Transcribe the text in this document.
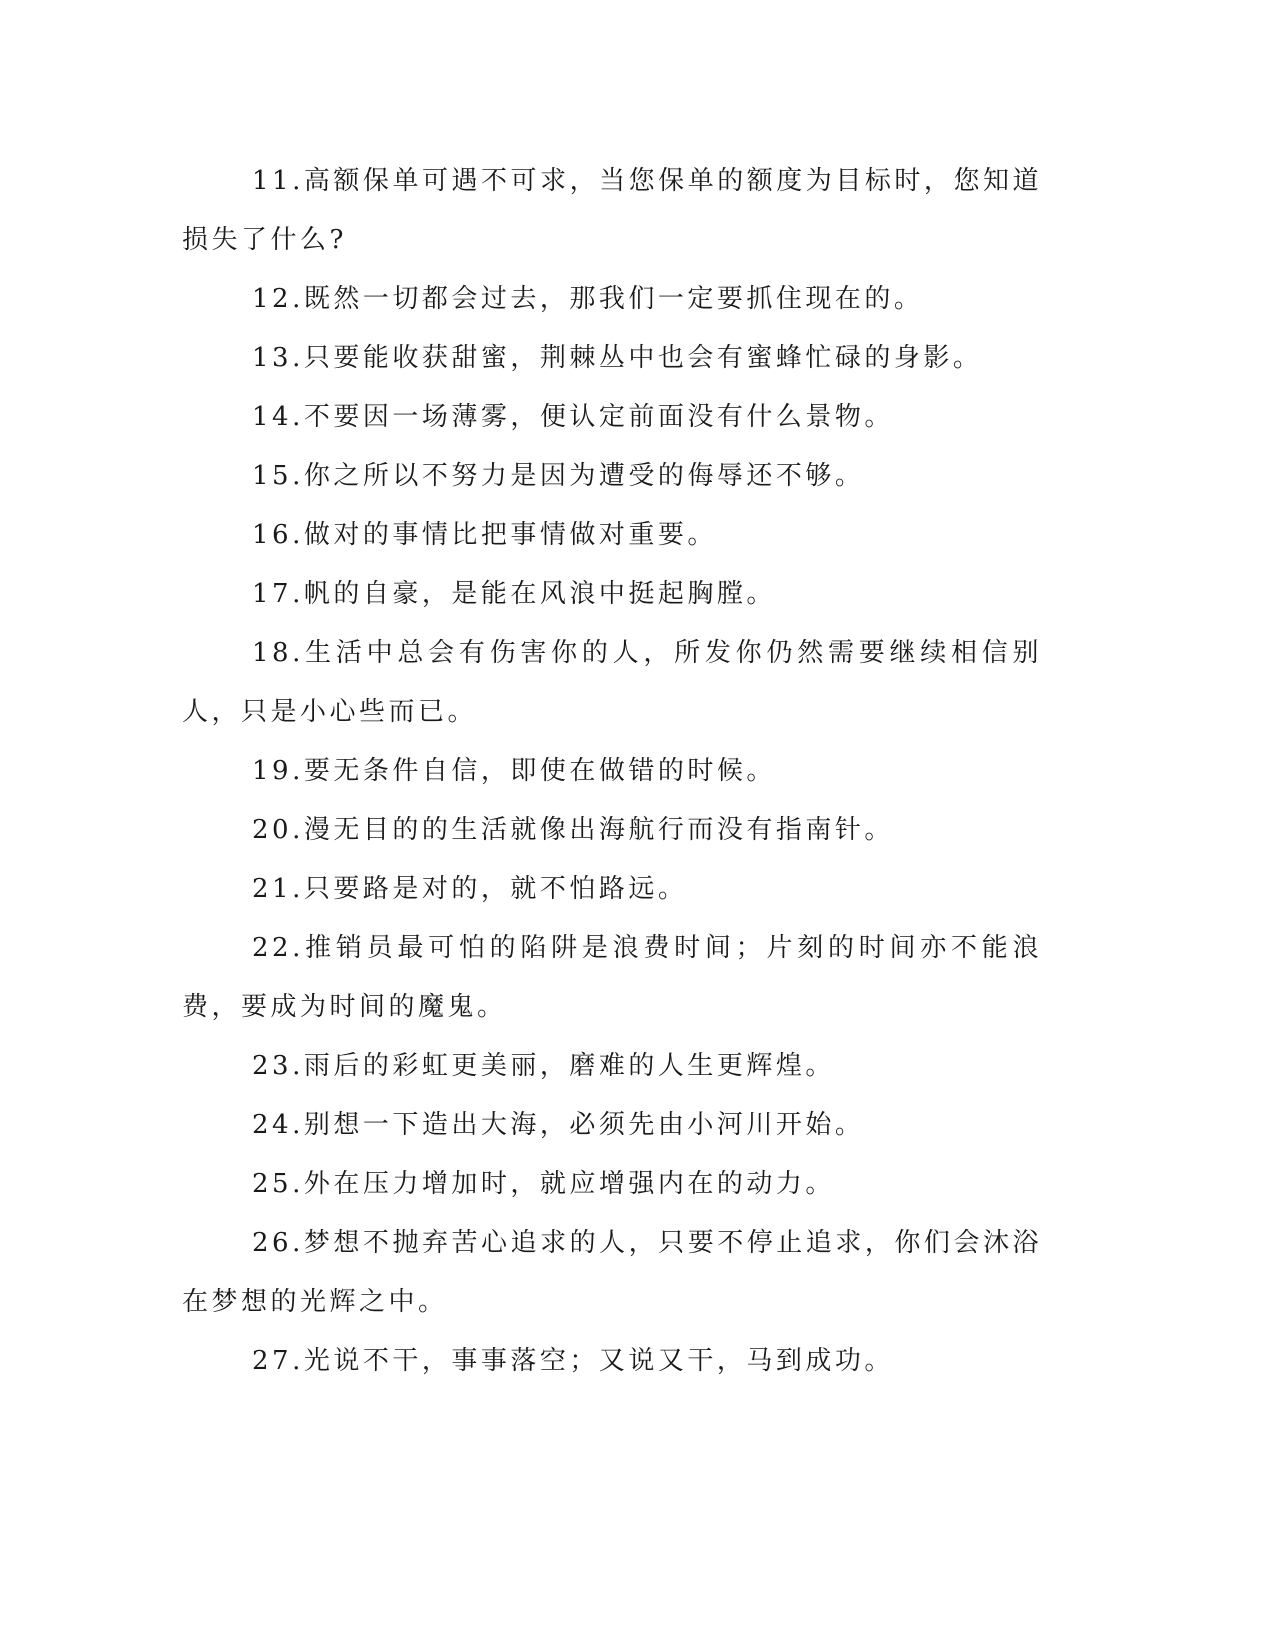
11.高额保单可遇不可求，当您保单的额度为目标时，您知道损失了什么?

12.既然一切都会过去，那我们一定要抓住现在的。

13.只要能收获甜蜜，荆棘丛中也会有蜜蜂忙碌的身影。

14.不要因一场薄雾，便认定前面没有什么景物。

15.你之所以不努力是因为遭受的侮辱还不够。

16.做对的事情比把事情做对重要。

17.帆的自豪，是能在风浪中挺起胸膛。

18.生活中总会有伤害你的人，所发你仍然需要继续相信别人，只是小心些而已。

19.要无条件自信，即使在做错的时候。

20.漫无目的的生活就像出海航行而没有指南针。

21.只要路是对的，就不怕路远。

22.推销员最可怕的陷阱是浪费时间；片刻的时间亦不能浪费，要成为时间的魔鬼。

23.雨后的彩虹更美丽，磨难的人生更辉煌。

24.别想一下造出大海，必须先由小河川开始。

25.外在压力增加时，就应增强内在的动力。

26.梦想不抛弃苦心追求的人，只要不停止追求，你们会沐浴在梦想的光辉之中。

27.光说不干，事事落空；又说又干，马到成功。
